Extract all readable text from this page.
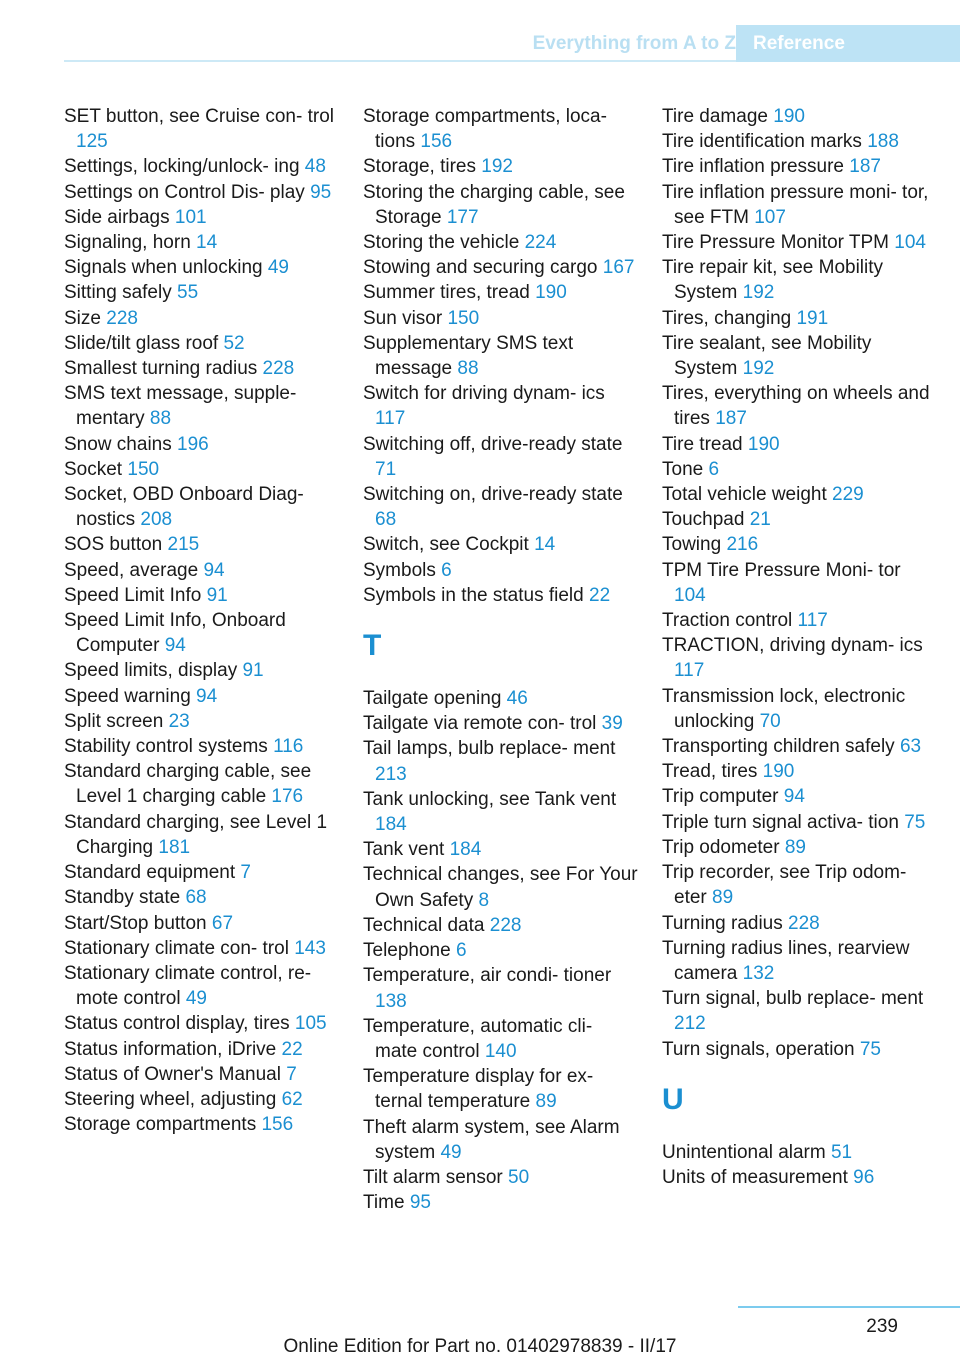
Everything from A to Z Reference
SET button, see Cruise con‐ trol 125
Settings, locking/unlock‐ ing 48
Settings on Control Dis‐ play 95
Side airbags 101
Signaling, horn 14
Signals when unlocking 49
Sitting safely 55
Size 228
Slide/tilt glass roof 52
Smallest turning radius 228
SMS text message, supple‐ mentary 88
Snow chains 196
Socket 150
Socket, OBD Onboard Diag‐ nostics 208
SOS button 215
Speed, average 94
Speed Limit Info 91
Speed Limit Info, Onboard Computer 94
Speed limits, display 91
Speed warning 94
Split screen 23
Stability control systems 116
Standard charging cable, see Level 1 charging cable 176
Standard charging, see Level 1 Charging 181
Standard equipment 7
Standby state 68
Start/Stop button 67
Stationary climate con‐ trol 143
Stationary climate control, re‐ mote control 49
Status control display, tires 105
Status information, iDrive 22
Status of Owner's Manual 7
Steering wheel, adjusting 62
Storage compartments 156
Storage compartments, loca‐ tions 156
Storage, tires 192
Storing the charging cable, see Storage 177
Storing the vehicle 224
Stowing and securing cargo 167
Summer tires, tread 190
Sun visor 150
Supplementary SMS text message 88
Switch for driving dynam‐ ics 117
Switching off, drive-ready state 71
Switching on, drive-ready state 68
Switch, see Cockpit 14
Symbols 6
Symbols in the status field 22
T
Tailgate opening 46
Tailgate via remote con‐ trol 39
Tail lamps, bulb replace‐ ment 213
Tank unlocking, see Tank vent 184
Tank vent 184
Technical changes, see For Your Own Safety 8
Technical data 228
Telephone 6
Temperature, air condi‐ tioner 138
Temperature, automatic cli‐ mate control 140
Temperature display for ex‐ ternal temperature 89
Theft alarm system, see Alarm system 49
Tilt alarm sensor 50
Time 95
Tire damage 190
Tire identification marks 188
Tire inflation pressure 187
Tire inflation pressure moni‐ tor, see FTM 107
Tire Pressure Monitor TPM 104
Tire repair kit, see Mobility System 192
Tires, changing 191
Tire sealant, see Mobility System 192
Tires, everything on wheels and tires 187
Tire tread 190
Tone 6
Total vehicle weight 229
Touchpad 21
Towing 216
TPM Tire Pressure Moni‐ tor 104
Traction control 117
TRACTION, driving dynam‐ ics 117
Transmission lock, electronic unlocking 70
Transporting children safely 63
Tread, tires 190
Trip computer 94
Triple turn signal activa‐ tion 75
Trip odometer 89
Trip recorder, see Trip odom‐ eter 89
Turning radius 228
Turning radius lines, rearview camera 132
Turn signal, bulb replace‐ ment 212
Turn signals, operation 75
U
Unintentional alarm 51
Units of measurement 96
239
Online Edition for Part no. 01402978839 - II/17
